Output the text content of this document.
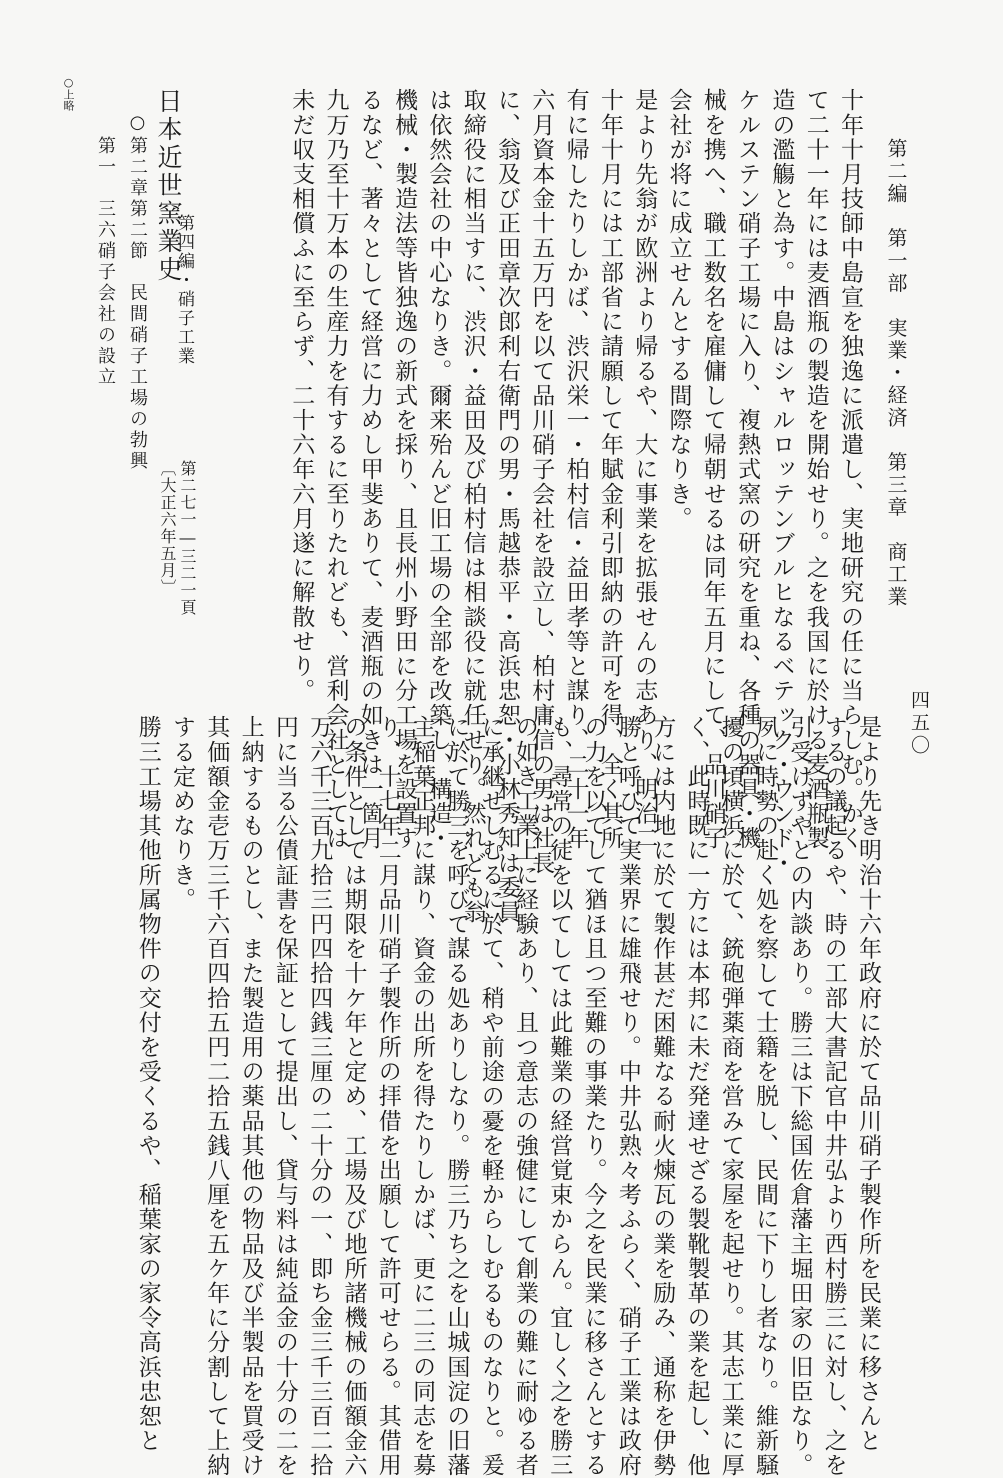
第二編　第一部　実業・経済　第三章　商工業
四五〇
十年十月技師中島宣を独逸に派遣し、実地研究の任に当らしむ。かく
て二十一年には麦酒瓶の製造を開始せり。之を我国に於ける麦酒瓶製
造の濫觴と為す。中島はシャルロッテンブルヒなるベテック・ウンド・
ケルステン硝子工場に入り、複熱式窯の研究を重ね、各種の器具・機
械を携へ、職工数名を雇傭して帰朝せるは同年五月にして、品川硝子
会社が将に成立せんとする間際なりき。
是より先翁が欧洲より帰るや、大に事業を拡張せんの志あり、明治二
十年十月には工部省に請願して年賦金利引即納の許可を得、全く其所
有に帰したりしかば、渋沢栄一・柏村信・益田孝等と謀り、二十一年
六月資本金十五万円を以て品川硝子会社を設立し、柏村庸信の男は社長
に、翁及び正田章次郎利右衛門の男・馬越恭平・高浜忠恕・小林秀知は委員
取締役に相当すに、渋沢・益田及び柏村信は相談役に就任せり。然れども翁
は依然会社の中心なりき。爾来殆んど旧工場の全部を改築し、構造・
機械・製造法等皆独逸の新式を採り、且長州小野田に分工場を設置す
るなど、著々として経営に力めし甲斐ありて、麦酒瓶の如きは一箇月
九万乃至十万本の生産力を有するに至りたれども、営利会社としては
未だ収支相償ふに至らず、二十六年六月遂に解散せり。
日本近世窯業史
第四編・硝子工業
第二七一―三二一頁
〔大正六年五月〕
○第二章第二節　民間硝子工場の勃興
第一　三六硝子会社の設立
○上略
是より先き明治十六年政府に於て品川硝子製作所を民業に移さんと
するの議起るや、時の工部大書記官中井弘より西村勝三に対し、之を
引受けずやとの内談あり。勝三は下総国佐倉藩主堀田家の旧臣なり。
夙に時勢の赴く処を察して士籍を脱し、民間に下りし者なり。維新騒
擾の頃横浜に於て、銃砲弾薬商を営みて家屋を起せり。其志工業に厚
く、此時既に一方には本邦に未だ発達せざる製靴製革の業を起し、他
方には内地に於て製作甚だ困難なる耐火煉瓦の業を励み、通称を伊勢
勝と呼びて実業界に雄飛せり。中井弘熟々考ふらく、硝子工業は政府
の力を以てして猶ほ且つ至難の事業たり。今之を民業に移さんとする
も、尋常の徒を以てしては此難業の経営覚束からん。宜しく之を勝三
の如き工業上に経験あり、且つ意志の強健にして創業の難に耐ゆる者
に承継せしむるに於て、稍や前途の憂を軽からしむるものなりと。爰
に於て勝三を呼びて謀る処ありしなり。勝三乃ち之を山城国淀の旧藩
主稲葉正邦に謀り、資金の出所を得たりしかば、更に二三の同志を募
り、十七年二月品川硝子製作所の拝借を出願して許可せらる。其借用
の条件としては期限を十ケ年と定め、工場及び地所諸機械の価額金六
万六千三百九拾三円四拾四銭三厘の二十分の一、即ち金三千三百二拾
円に当る公債証書を保証として提出し、貸与料は純益金の十分の二を
上納するものとし、また製造用の薬品其他の物品及び半製品を買受け
其価額金壱万三千六百四拾五円二拾五銭八厘を五ケ年に分割して上納
する定めなりき。
勝三工場其他所属物件の交付を受くるや、稲葉家の家令高浜忠恕と
